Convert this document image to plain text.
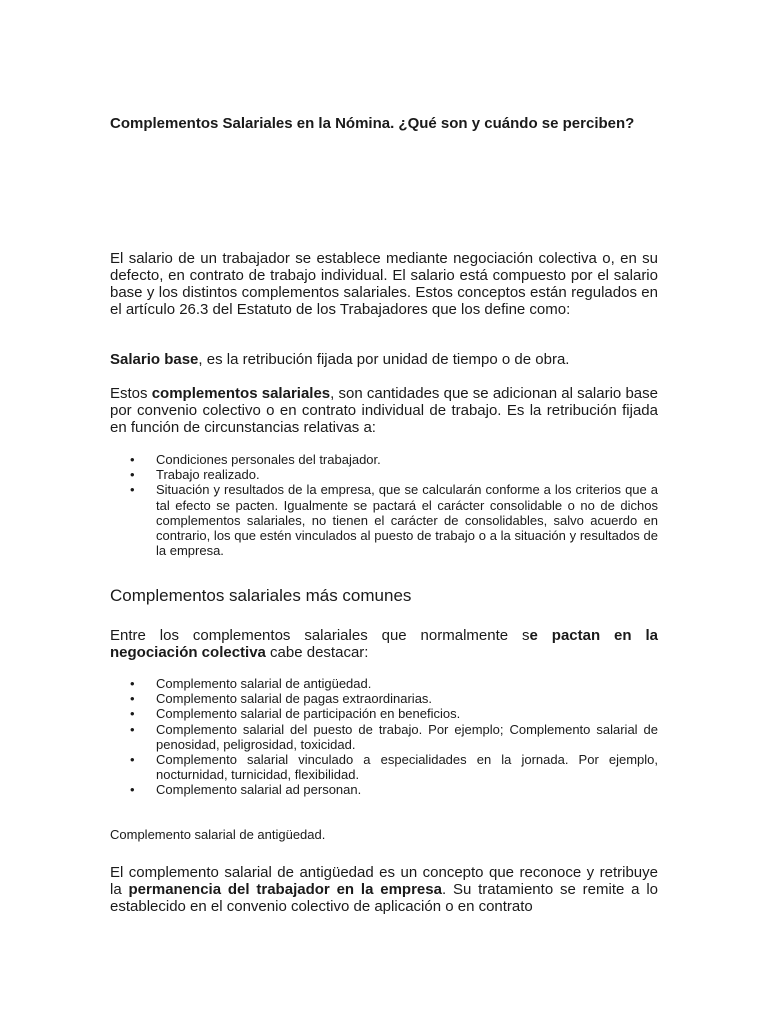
Complementos Salariales en la Nómina. ¿Qué son y cuándo se perciben?

El salario de un trabajador se establece mediante negociación colectiva o, en su defecto, en contrato de trabajo individual. El salario está compuesto por el salario base y los distintos complementos salariales. Estos conceptos están regulados en el artículo 26.3 del Estatuto de los Trabajadores que los define como:

Salario base, es la retribución fijada por unidad de tiempo o de obra.

Estos complementos salariales, son cantidades que se adicionan al salario base por convenio colectivo o en contrato individual de trabajo. Es la retribución fijada en función de circunstancias relativas a:

• Condiciones personales del trabajador.
• Trabajo realizado.
• Situación y resultados de la empresa, que se calcularán conforme a los criterios que a tal efecto se pacten. Igualmente se pactará el carácter consolidable o no de dichos complementos salariales, no tienen el carácter de consolidables, salvo acuerdo en contrario, los que estén vinculados al puesto de trabajo o a la situación y resultados de la empresa.
Complementos salariales más comunes

Entre los complementos salariales que normalmente se pactan en la negociación colectiva cabe destacar:

• Complemento salarial de antigüedad.
• Complemento salarial de pagas extraordinarias.
• Complemento salarial de participación en beneficios.
• Complemento salarial del puesto de trabajo. Por ejemplo; Complemento salarial de penosidad, peligrosidad, toxicidad.
• Complemento salarial vinculado a especialidades en la jornada. Por ejemplo, nocturnidad, turnicidad, flexibilidad.
• Complemento salarial ad personan.

Complemento salarial de antigüedad.

El complemento salarial de antigüedad es un concepto que reconoce y retribuye la permanencia del trabajador en la empresa. Su tratamiento se remite a lo establecido en el convenio colectivo de aplicación o en contrato
